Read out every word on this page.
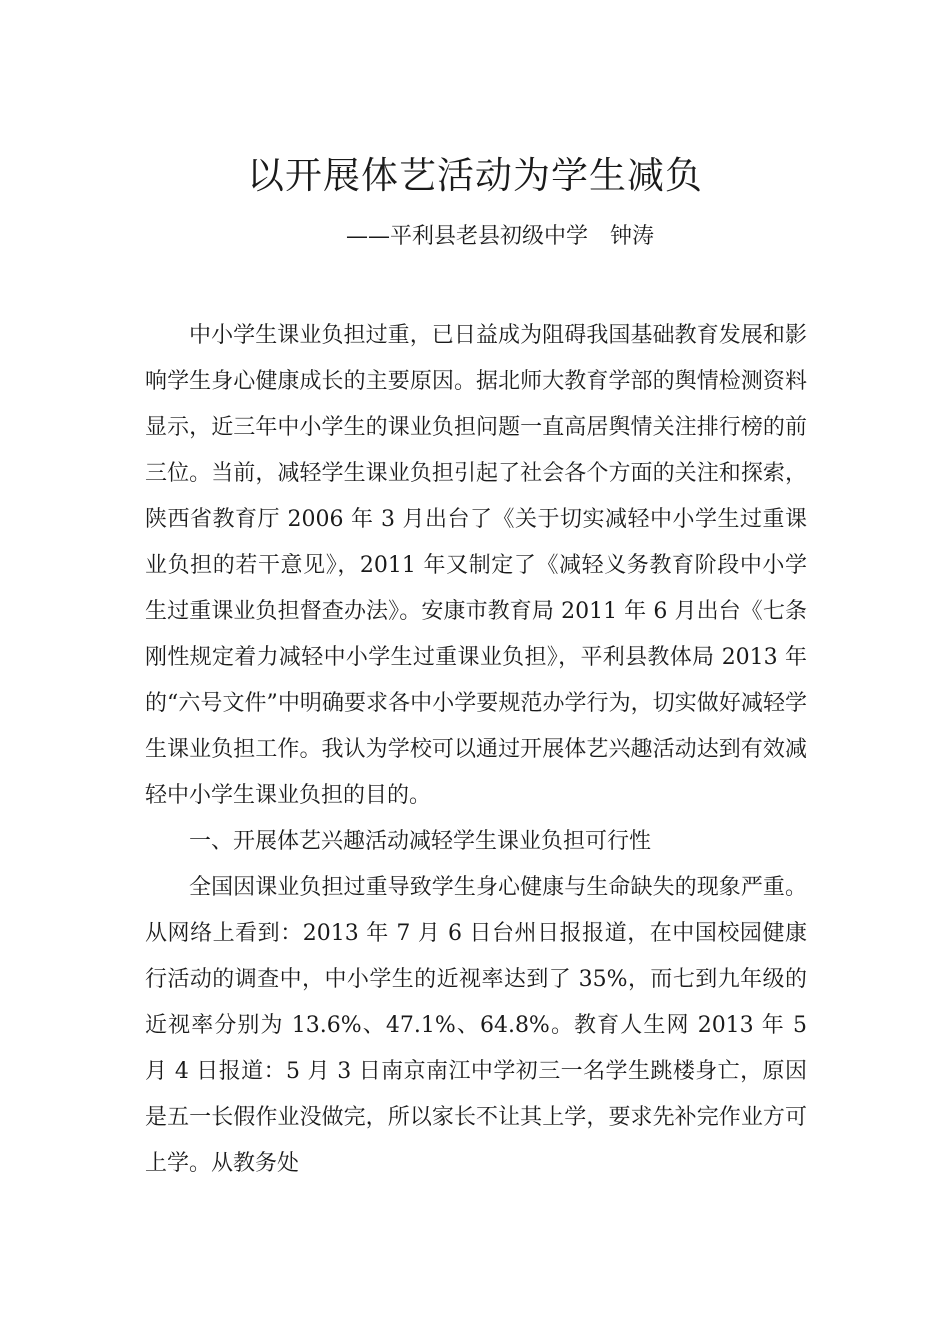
以开展体艺活动为学生减负
——平利县老县初级中学　钟涛

中小学生课业负担过重，已日益成为阻碍我国基础教育发展和影响学生身心健康成长的主要原因。据北师大教育学部的舆情检测资料显示，近三年中小学生的课业负担问题一直高居舆情关注排行榜的前三位。当前，减轻学生课业负担引起了社会各个方面的关注和探索，陕西省教育厅 2006 年 3 月出台了《关于切实减轻中小学生过重课业负担的若干意见》，2011 年又制定了《减轻义务教育阶段中小学生过重课业负担督查办法》。安康市教育局 2011 年 6 月出台《七条刚性规定着力减轻中小学生过重课业负担》，平利县教体局 2013 年的“六号文件”中明确要求各中小学要规范办学行为，切实做好减轻学生课业负担工作。我认为学校可以通过开展体艺兴趣活动达到有效减轻中小学生课业负担的目的。

一、开展体艺兴趣活动减轻学生课业负担可行性

全国因课业负担过重导致学生身心健康与生命缺失的现象严重。从网络上看到：2013 年 7 月 6 日台州日报报道，在中国校园健康行活动的调查中，中小学生的近视率达到了 35%，而七到九年级的近视率分别为 13.6%、47.1%、64.8%。教育人生网 2013 年 5 月 4 日报道：5 月 3 日南京南江中学初三一名学生跳楼身亡，原因是五一长假作业没做完，所以家长不让其上学，要求先补完作业方可上学。从教务处
